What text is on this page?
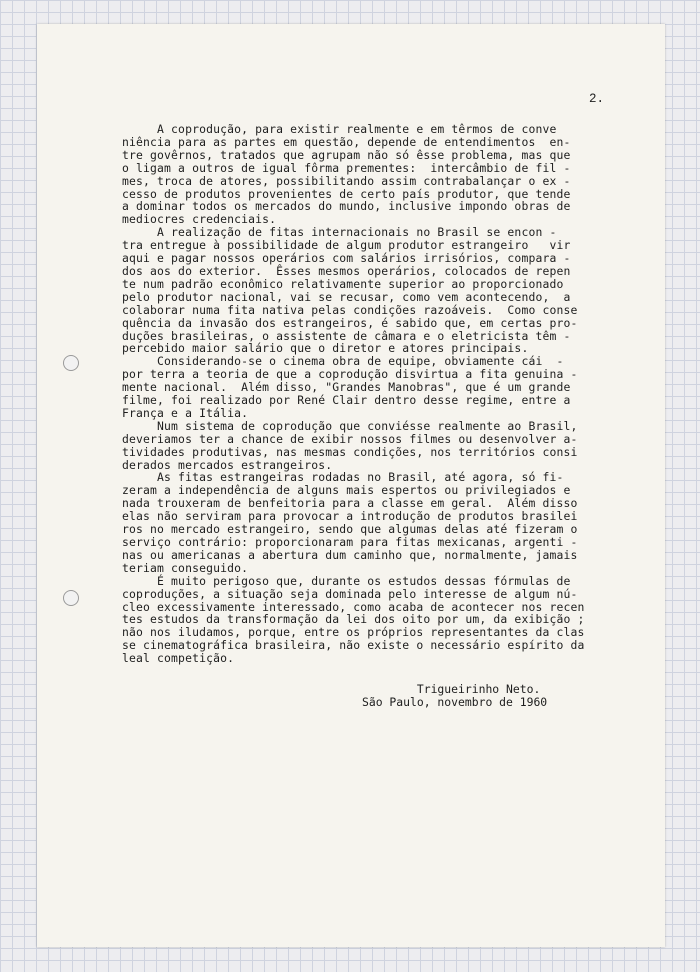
2.
A coprodução, para existir realmente e em têrmos de conve
niência para as partes em questão, depende de entendimentos  en-
tre govêrnos, tratados que agrupam não só êsse problema, mas que
o ligam a outros de igual fôrma prementes:  intercâmbio de fil -
mes, troca de atores, possibilitando assim contrabalançar o ex -
cesso de produtos provenientes de certo país produtor, que tende
a dominar todos os mercados do mundo, inclusive impondo obras de
mediocres credenciais.
A realização de fitas internacionais no Brasil se encon -
tra entregue à possibilidade de algum produtor estrangeiro   vir
aqui e pagar nossos operários com salários irrisórios, compara -
dos aos do exterior.  Êsses mesmos operários, colocados de repen
te num padrão econômico relativamente superior ao proporcionado
pelo produtor nacional, vai se recusar, como vem acontecendo,  a
colaborar numa fita nativa pelas condições razoáveis.  Como conse
quência da invasão dos estrangeiros, é sabido que, em certas pro-
duções brasileiras, o assistente de câmara e o eletricista têm -
percebido maior salário que o diretor e atores principais.
Considerando-se o cinema obra de equipe, obviamente cái  -
por terra a teoria de que a coprodução disvirtua a fita genuina -
mente nacional.  Além disso, "Grandes Manobras", que é um grande
filme, foi realizado por René Clair dentro desse regime, entre a
França e a Itália.
Num sistema de coprodução que conviésse realmente ao Brasil,
deveriamos ter a chance de exibir nossos filmes ou desenvolver a-
tividades produtivas, nas mesmas condições, nos territórios consi
derados mercados estrangeiros.
As fitas estrangeiras rodadas no Brasil, até agora, só fi-
zeram a independência de alguns mais espertos ou privilegiados e
nada trouxeram de benfeitoria para a classe em geral.  Além disso
elas não serviram para provocar a introdução de produtos brasilei
ros no mercado estrangeiro, sendo que algumas delas até fizeram o
serviço contrário: proporcionaram para fitas mexicanas, argenti -
nas ou americanas a abertura dum caminho que, normalmente, jamais
teriam conseguido.
É muito perigoso que, durante os estudos dessas fórmulas de
coproduções, a situação seja dominada pelo interesse de algum nú-
cleo excessivamente interessado, como acaba de acontecer nos recen
tes estudos da transformação da lei dos oito por um, da exibição ;
não nos iludamos, porque, entre os próprios representantes da clas
se cinematográfica brasileira, não existe o necessário espírito da
leal competição.
Trigueirinho Neto.
São Paulo, novembro de 1960
